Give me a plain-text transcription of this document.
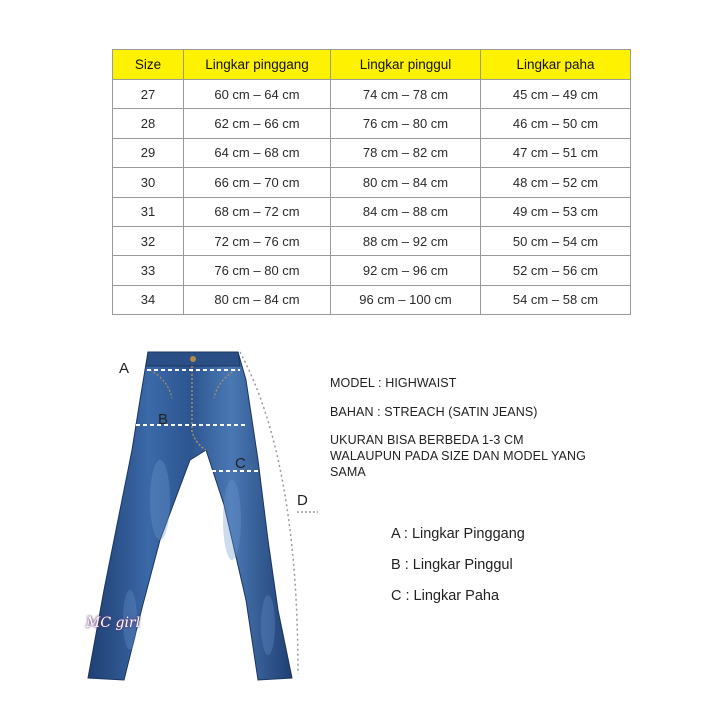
Size	Lingkar pinggang	Lingkar pinggul	Lingkar paha
27	60 cm – 64 cm	74 cm – 78 cm	45 cm – 49 cm
28	62 cm – 66 cm	76 cm – 80 cm	46 cm – 50 cm
29	64 cm – 68 cm	78 cm – 82 cm	47 cm – 51 cm
30	66 cm – 70 cm	80 cm – 84 cm	48 cm – 52 cm
31	68 cm – 72 cm	84 cm – 88 cm	49 cm – 53 cm
32	72 cm – 76 cm	88 cm – 92 cm	50 cm – 54 cm
33	76 cm – 80 cm	92 cm – 96 cm	52 cm – 56 cm
34	80 cm – 84 cm	96 cm – 100 cm	54 cm – 58 cm
A
B
C
D
MC girl
MODEL : HIGHWAIST
BAHAN : STREACH (SATIN JEANS)
UKURAN BISA BERBEDA 1-3 CM
WALAUPUN PADA SIZE DAN MODEL YANG
SAMA
A : Lingkar Pinggang
B : Lingkar Pinggul
C : Lingkar Paha
